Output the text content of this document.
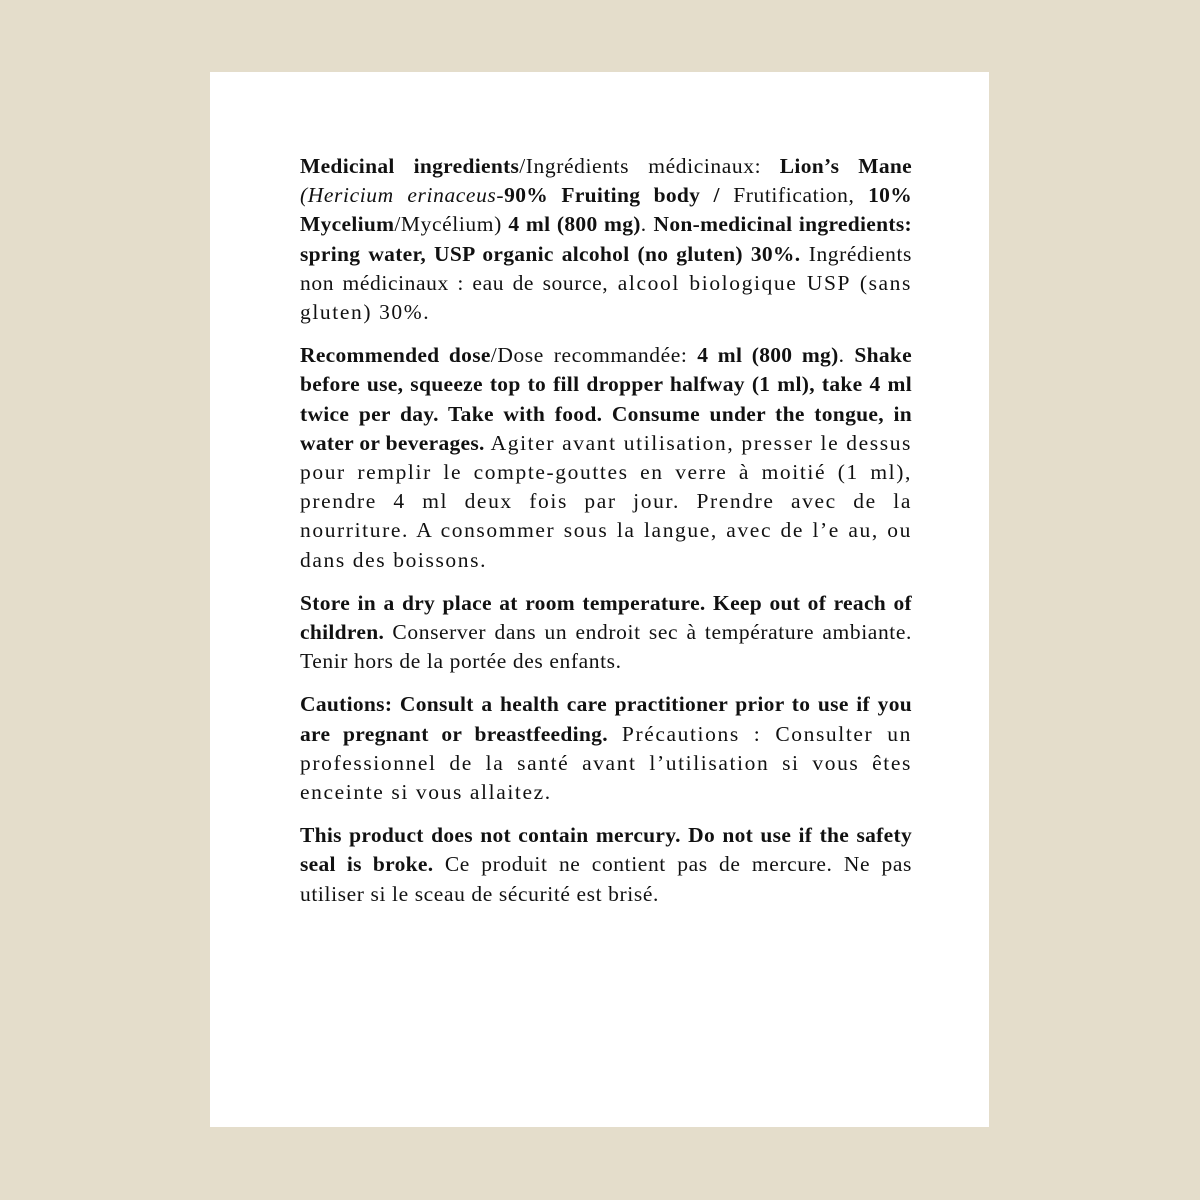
Medicinal ingredients/Ingrédients médicinaux: Lion’s Mane (Hericium erinaceus-90% Fruiting body / Frutification, 10% Mycelium/Mycélium) 4 ml (800 mg). Non-medicinal ingredients: spring water, USP organic alcohol (no gluten) 30%. Ingrédients non médicinaux : eau de source, alcool biologique USP (sans gluten) 30%.

Recommended dose/Dose recommandée: 4 ml (800 mg). Shake before use, squeeze top to fill dropper halfway (1 ml), take 4 ml twice per day. Take with food. Consume under the tongue, in water or beverages. Agiter avant utilisation, presser le dessus pour remplir le compte-gouttes en verre à moitié (1 ml), prendre 4 ml deux fois par jour. Prendre avec de la nourriture. A consommer sous la langue, avec de l’e au, ou dans des boissons.

Store in a dry place at room temperature. Keep out of reach of children. Conserver dans un endroit sec à température ambiante. Tenir hors de la portée des enfants.

Cautions: Consult a health care practitioner prior to use if you are pregnant or breastfeeding. Précautions : Consulter un professionnel de la santé avant l’utilisation si vous êtes enceinte si vous allaitez.

This product does not contain mercury. Do not use if the safety seal is broke. Ce produit ne contient pas de mercure. Ne pas utiliser si le sceau de sécurité est brisé.
